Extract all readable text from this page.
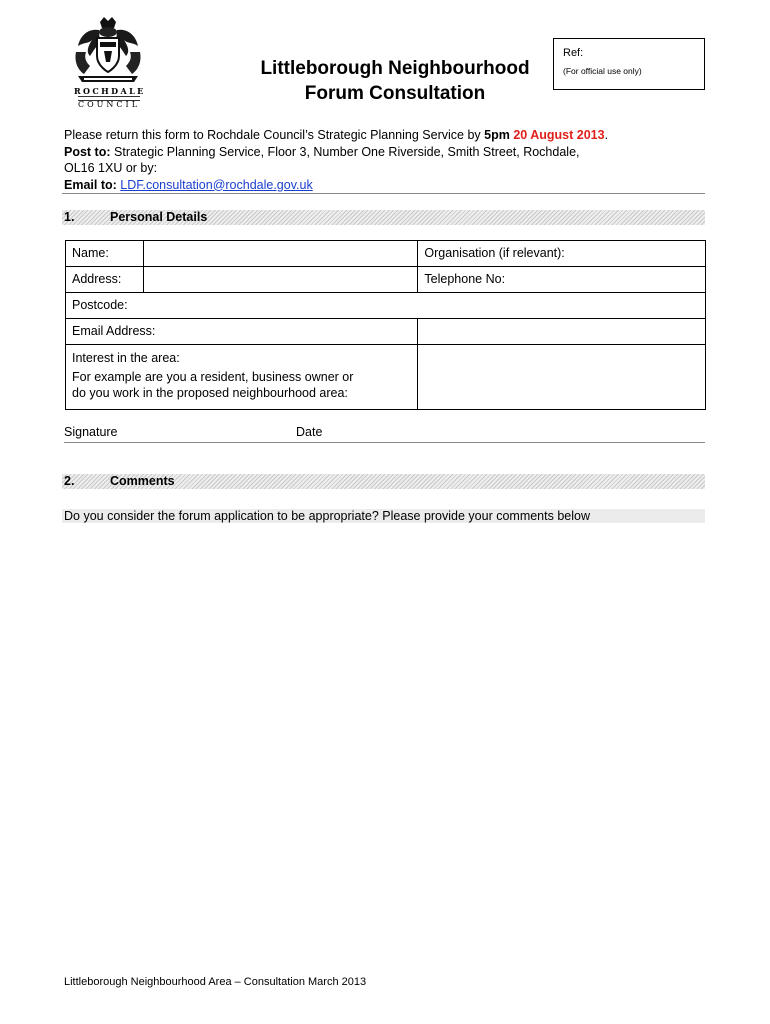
ROCHDALE
COUNCIL
Littleborough Neighbourhood
Forum Consultation
Ref:
(For official use only)
Please return this form to Rochdale Council’s Strategic Planning Service by 5pm 20 August 2013.
Post to: Strategic Planning Service, Floor 3, Number One Riverside, Smith Street, Rochdale,
OL16 1XU or by:
Email to: LDF.consultation@rochdale.gov.uk
1.	Personal Details
Name:		Organisation (if relevant):
Address:		Telephone No:
Postcode:		
Email Address:		

Interest in the area:
For example are you a resident, business owner or
do you work in the proposed neighbourhood area:		

Signature	Date
2.	Comments
Do you consider the forum application to be appropriate? Please provide your comments below
Littleborough Neighbourhood Area – Consultation March 2013
